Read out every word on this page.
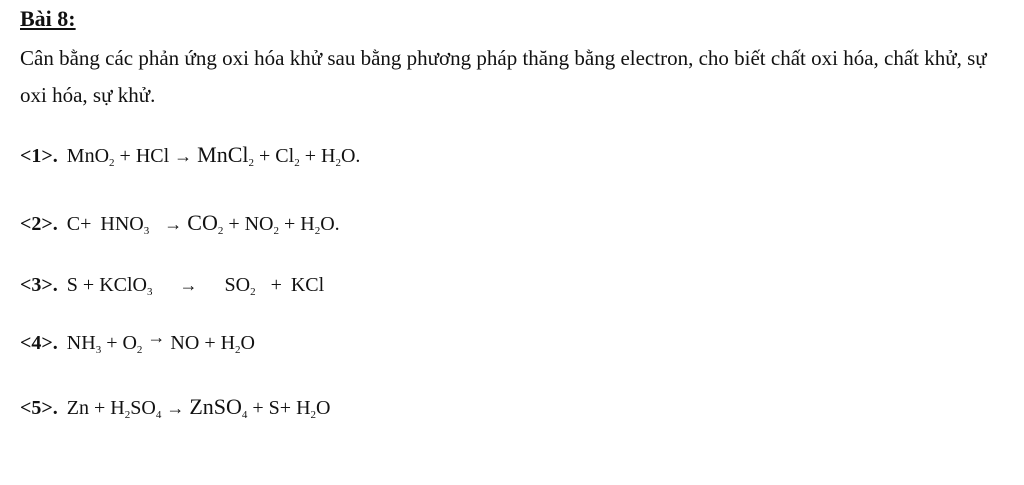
Bài 8:
Cân bằng các phản ứng oxi hóa khử sau bằng phương pháp thăng bằng electron, cho biết chất oxi hóa, chất khử, sự oxi hóa, sự khử.
<1>. MnO$_2$ + HCl → MnCl$_2$ + $Cl_2 + H_2O$.
<2>. $C+ HNO_3 \to CO_2 + NO_2 + H_2O$.
<3>. S + KClO$_3$ → $SO_2$ + KCl
<4>. $NH_3 + O_2$ → NO + $H_2O$
<5>. $Zn + H_2SO_4$ → ZnSO$_4$ + $S+ H_2O$
